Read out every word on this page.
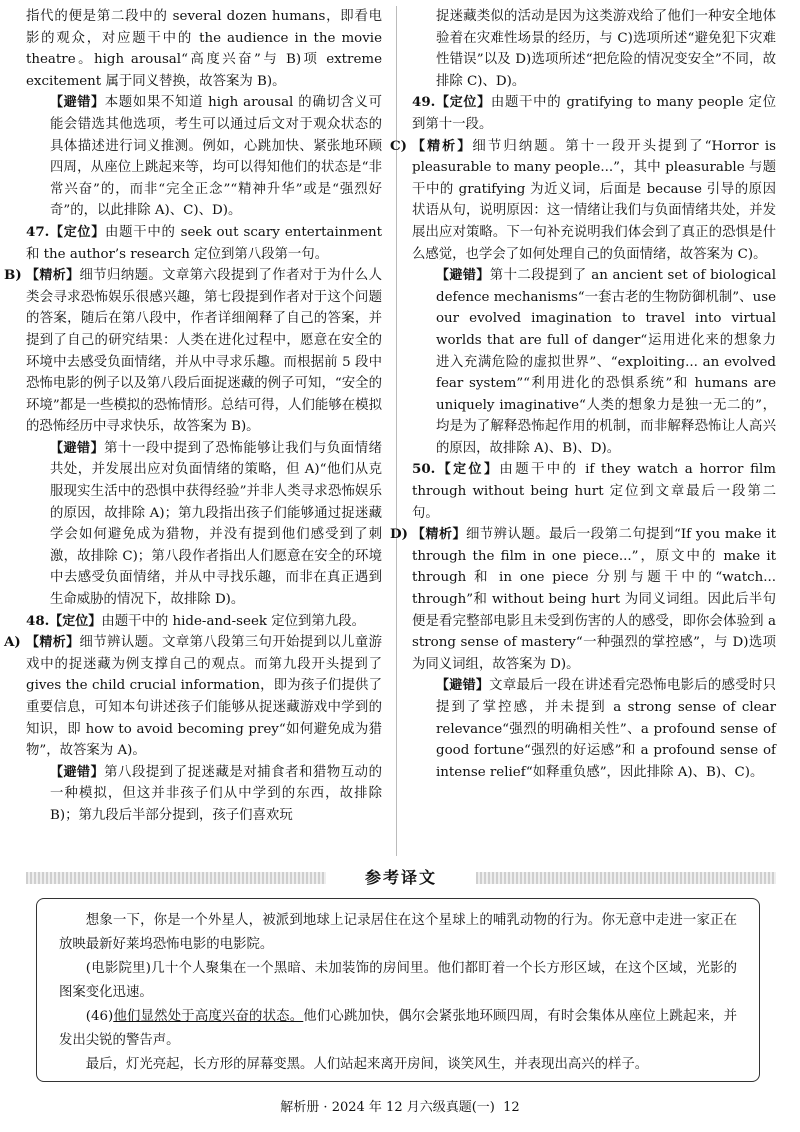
指代的便是第二段中的 several dozen humans，即看电影的观众，对应题干中的 the audience in the movie theatre。high arousal“高度兴奋”与 B)项 extreme excitement 属于同义替换，故答案为 B)。

【避错】本题如果不知道 high arousal 的确切含义可能会错选其他选项，考生可以通过后文对于观众状态的具体描述进行词义推测。例如，心跳加快、紧张地环顾四周，从座位上跳起来等，均可以得知他们的状态是“非常兴奋”的，而非“完全正念”“精神升华”或是“强烈好奇”的，以此排除 A)、C)、D)。

47.【定位】由题干中的 seek out scary entertainment 和 the author’s research 定位到第八段第一句。

B) 【精析】细节归纳题。文章第六段提到了作者对于为什么人类会寻求恐怖娱乐很感兴趣，第七段提到作者对于这个问题的答案，随后在第八段中，作者详细阐释了自己的答案，并提到了自己的研究结果：人类在进化过程中，愿意在安全的环境中去感受负面情绪，并从中寻求乐趣。而根据前 5 段中恐怖电影的例子以及第八段后面捉迷藏的例子可知，“安全的环境”都是一些模拟的恐怖情形。总结可得，人们能够在模拟的恐怖经历中寻求快乐，故答案为 B)。

【避错】第十一段中提到了恐怖能够让我们与负面情绪共处，并发展出应对负面情绪的策略，但 A)“他们从克服现实生活中的恐惧中获得经验”并非人类寻求恐怖娱乐的原因，故排除 A)；第九段指出孩子们能够通过捉迷藏学会如何避免成为猎物，并没有提到他们感受到了刺激，故排除 C)；第八段作者指出人们愿意在安全的环境中去感受负面情绪，并从中寻找乐趣，而非在真正遇到生命威胁的情况下，故排除 D)。

48.【定位】由题干中的 hide-and-seek 定位到第九段。

A) 【精析】细节辨认题。文章第八段第三句开始提到以儿童游戏中的捉迷藏为例支撑自己的观点。而第九段开头提到了 gives the child crucial information，即为孩子们提供了重要信息，可知本句讲述孩子们能够从捉迷藏游戏中学到的知识，即 how to avoid becoming prey“如何避免成为猎物”，故答案为 A)。

【避错】第八段提到了捉迷藏是对捕食者和猎物互动的一种模拟，但这并非孩子们从中学到的东西，故排除 B)；第九段后半部分提到，孩子们喜欢玩

捉迷藏类似的活动是因为这类游戏给了他们一种安全地体验着在灾难性场景的经历，与 C)选项所述“避免犯下灾难性错误”以及 D)选项所述“把危险的情况变安全”不同，故排除 C)、D)。

49.【定位】由题干中的 gratifying to many people 定位到第十一段。

C) 【精析】细节归纳题。第十一段开头提到了“Horror is pleasurable to many people...”，其中 pleasurable 与题干中的 gratifying 为近义词，后面是 because 引导的原因状语从句，说明原因：这一情绪让我们与负面情绪共处，并发展出应对策略。下一句补充说明我们体会到了真正的恐惧是什么感觉，也学会了如何处理自己的负面情绪，故答案为 C)。

【避错】第十二段提到了 an ancient set of biological defence mechanisms“一套古老的生物防御机制”、use our evolved imagination to travel into virtual worlds that are full of danger“运用进化来的想象力进入充满危险的虚拟世界”、“exploiting... an evolved fear system”“利用进化的恐惧系统”和 humans are uniquely imaginative“人类的想象力是独一无二的”，均是为了解释恐怖起作用的机制，而非解释恐怖让人高兴的原因，故排除 A)、B)、D)。

50.【定位】由题干中的 if they watch a horror film through without being hurt 定位到文章最后一段第二句。

D) 【精析】细节辨认题。最后一段第二句提到“If you make it through the film in one piece...”，原文中的 make it through 和 in one piece 分别与题干中的“watch... through”和 without being hurt 为同义词组。因此后半句便是看完整部电影且未受到伤害的人的感受，即你会体验到 a strong sense of mastery“一种强烈的掌控感”，与 D)选项为同义词组，故答案为 D)。

【避错】文章最后一段在讲述看完恐怖电影后的感受时只提到了掌控感，并未提到 a strong sense of clear relevance“强烈的明确相关性”、a profound sense of good fortune“强烈的好运感”和 a profound sense of intense relief“如释重负感”，因此排除 A)、B)、C)。

参考译文

想象一下，你是一个外星人，被派到地球上记录居住在这个星球上的哺乳动物的行为。你无意中走进一家正在放映最新好莱坞恐怖电影的电影院。

(电影院里)几十个人聚集在一个黑暗、未加装饰的房间里。他们都盯着一个长方形区域，在这个区域，光影的图案变化迅速。

(46)他们显然处于高度兴奋的状态。他们心跳加快，偶尔会紧张地环顾四周，有时会集体从座位上跳起来，并发出尖锐的警告声。

最后，灯光亮起，长方形的屏幕变黑。人们站起来离开房间，谈笑风生，并表现出高兴的样子。

解析册 · 2024 年 12 月六级真题(一) 12
